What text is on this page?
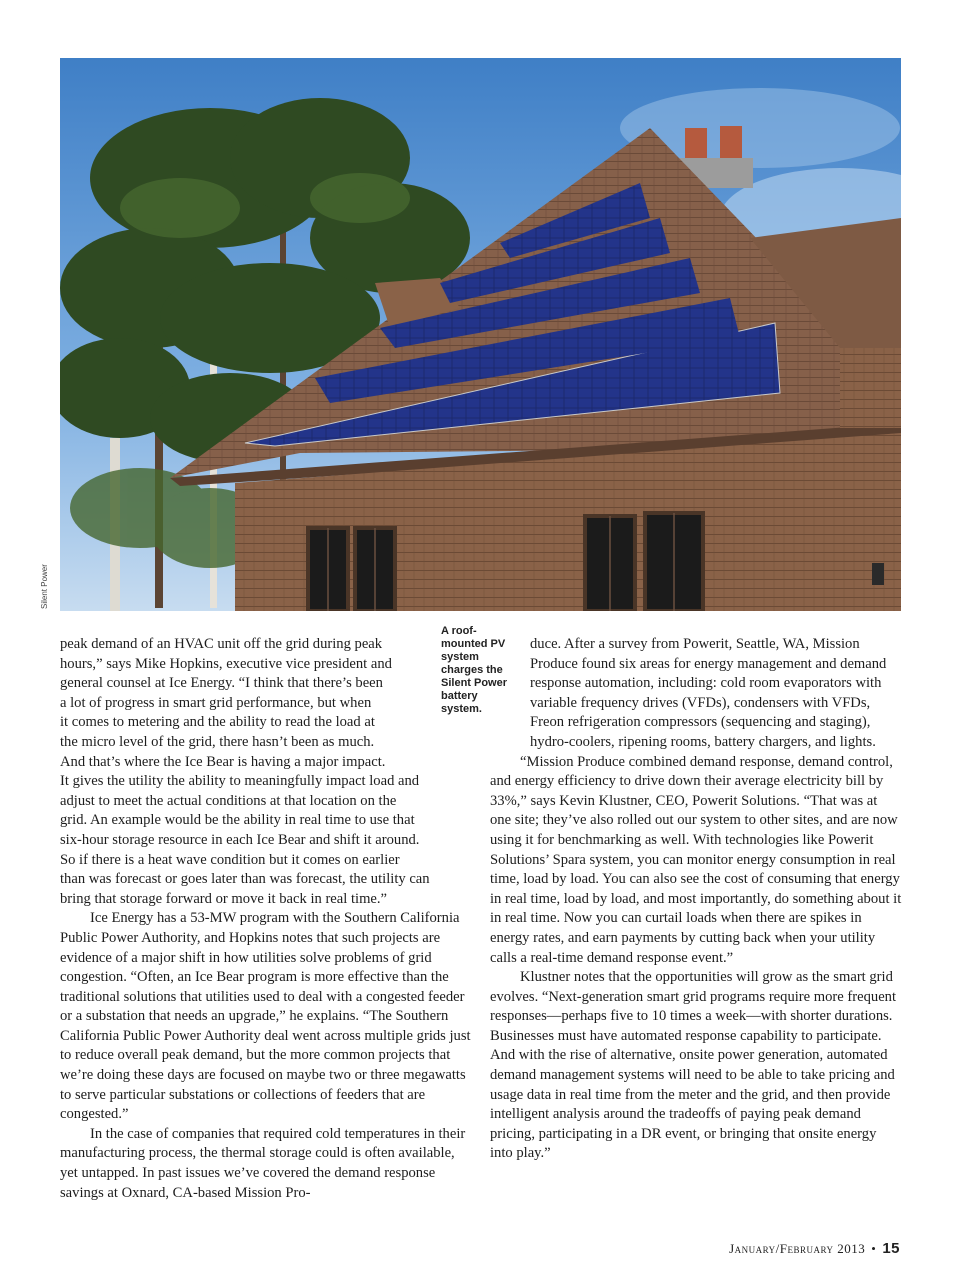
Silent Power
A roof-mounted PV system charges the Silent Power battery system.

peak demand of an HVAC unit off the grid during peak
hours,” says Mike Hopkins, executive vice president and
general counsel at Ice Energy. “I think that there’s been
a lot of progress in smart grid performance, but when
it comes to metering and the ability to read the load at
the micro level of the grid, there hasn’t been as much.
And that’s where the Ice Bear is having a major impact.
It gives the utility the ability to meaningfully impact load and
adjust to meet the actual conditions at that location on the
grid. An example would be the ability in real time to use that
six-hour storage resource in each Ice Bear and shift it around.
So if there is a heat wave condition but it comes on earlier
than was forecast or goes later than was forecast, the utility can
bring that storage forward or move it back in real time.”

Ice Energy has a 53-MW program with the Southern California Public Power Authority, and Hopkins notes that such projects are evidence of a major shift in how utilities solve problems of grid congestion. “Often, an Ice Bear program is more effective than the traditional solutions that utilities used to deal with a congested feeder or a substation that needs an upgrade,” he explains. “The Southern California Public Power Authority deal went across multiple grids just to reduce overall peak demand, but the more common projects that we’re doing these days are focused on maybe two or three megawatts to serve particular substations or collections of feeders that are congested.”

In the case of companies that required cold temperatures in their manufacturing process, the thermal storage could is often available, yet untapped. In past issues we’ve covered the demand response savings at Oxnard, CA-based Mission Pro-

duce. After a survey from Powerit, Seattle, WA, Mission Produce found six areas for energy management and demand response automation, including: cold room evaporators with variable frequency drives (VFDs), condensers with VFDs, Freon refrigeration compressors (sequencing and staging), hydro-coolers, ripening rooms, battery chargers, and lights.

“Mission Produce combined demand response, demand control, and energy efficiency to drive down their average electricity bill by 33%,” says Kevin Klustner, CEO, Powerit Solutions. “That was at one site; they’ve also rolled out our system to other sites, and are now using it for benchmarking as well. With technologies like Powerit Solutions’ Spara system, you can monitor energy consumption in real time, load by load. You can also see the cost of consuming that energy in real time, load by load, and most importantly, do something about it in real time. Now you can curtail loads when there are spikes in energy rates, and earn payments by cutting back when your utility calls a real-time demand response event.”

Klustner notes that the opportunities will grow as the smart grid evolves. “Next-generation smart grid programs require more frequent responses—perhaps five to 10 times a week—with shorter durations. Businesses must have automated response capability to participate. And with the rise of alternative, onsite power generation, automated demand management systems will need to be able to take pricing and usage data in real time from the meter and the grid, and then provide intelligent analysis around the tradeoffs of paying peak demand pricing, participating in a DR event, or bringing that onsite energy into play.”

January/February 2013 • 15
